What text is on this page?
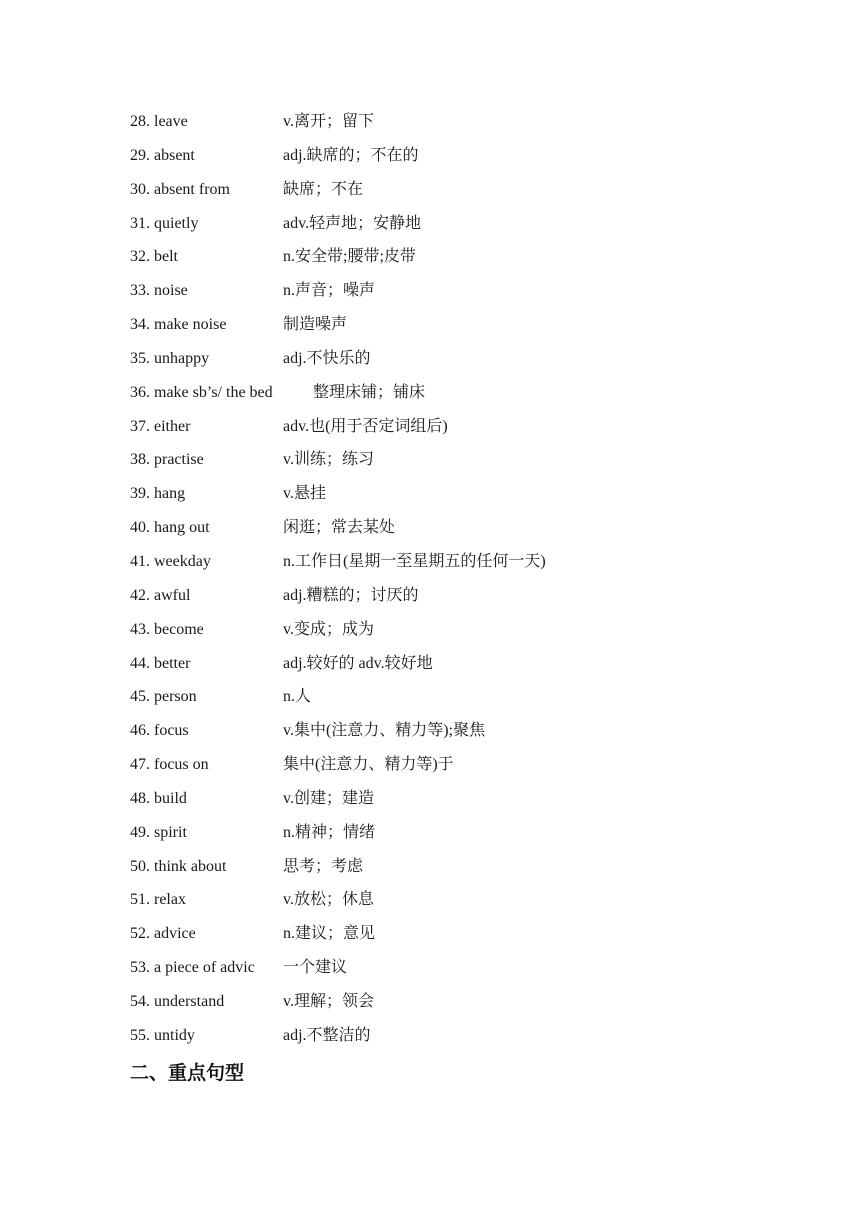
28. leave	v.离开；留下
29. absent	adj.缺席的；不在的
30. absent from	缺席；不在
31. quietly	adv.轻声地；安静地
32. belt	n.安全带;腰带;皮带
33. noise	n.声音；噪声
34. make noise	制造噪声
35. unhappy	adj.不快乐的
36. make sb’s/ the bed	整理床铺；铺床
37. either	adv.也(用于否定词组后)
38. practise	v.训练；练习
39. hang	v.悬挂
40. hang out	闲逛；常去某处
41. weekday	n.工作日(星期一至星期五的任何一天)
42. awful	adj.糟糕的；讨厌的
43. become	v.变成；成为
44. better	adj.较好的 adv.较好地
45. person	n.人
46. focus	v.集中(注意力、精力等);聚焦
47. focus on	集中(注意力、精力等)于
48. build	v.创建；建造
49. spirit	n.精神；情绪
50. think about	思考；考虑
51. relax	v.放松；休息
52. advice	n.建议；意见
53. a piece of advic 一个建议
54. understand	v.理解；领会
55. untidy	adj.不整洁的
二、重点句型
